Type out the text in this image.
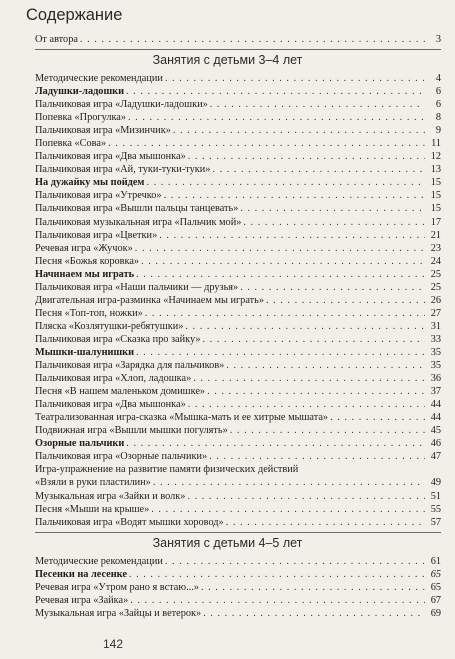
Содержание
От автора . . .	3
Занятия с детьми 3–4 лет
Методические рекомендации . . .	4
Ладушки-ладошки . . .	6
Пальчиковая игра «Ладушки-ладошки» . . .	6
Попевка «Прогулка» . . .	8
Пальчиковая игра «Мизинчик» . . .	9
Попевка «Сова» . . .	11
Пальчиковая игра «Два мышонка» . . .	12
Пальчиковая игра «Ай, туки-туки-туки» . . .	13
На дужайку мы пойдем . . .	15
Пальчиковая игра «Утречко» . . .	15
Пальчиковая игра «Вышли пальцы танцевать» . . .	15
Пальчиковая музыкальная игра «Пальчик мой» . . .	17
Пальчиковая игра «Цветки» . . .	21
Речевая игра «Жучок» . . .	23
Песня «Божья коровка» . . .	24
Начинаем мы играть . . .	25
Пальчиковая игра «Наши пальчики — друзья» . . .	25
Двигательная игра-разминка «Начинаем мы играть» . . .	26
Песня «Топ-топ, ножки» . . .	27
Пляска «Козлятушки-ребятушки» . . .	31
Пальчиковая игра «Сказка про зайку» . . .	33
Мышки-шалунишки . . .	35
Пальчиковая игра «Зарядка для пальчиков» . . .	35
Пальчиковая игра «Хлоп, ладошка» . . .	36
Песня «В нашем маленьком домишке» . . .	37
Пальчиковая игра «Два мышонка» . . .	44
Театрализованная игра-сказка «Мышка-мать и ее хитрые мышата» . . .	44
Подвижная игра «Вышли мышки погулять» . . .	45
Озорные пальчики . . .	46
Пальчиковая игра «Озорные пальчики» . . .	47
Игра-упражнение на развитие памяти физических действий
«Взяли в руки пластилин» . . .	49
Музыкальная игра «Зайки и волк» . . .	51
Песня «Мыши на крыше» . . .	55
Пальчиковая игра «Водят мышки хоровод» . . .	57
Занятия с детьми 4–5 лет
Методические рекомендации . . .	61
Песенки на лесенке . . .	65
Речевая игра «Утром рано я встаю...» . . .	65
Речевая игра «Зайка» . . .	67
Музыкальная игра «Зайцы и ветерок» . . .	69
142
